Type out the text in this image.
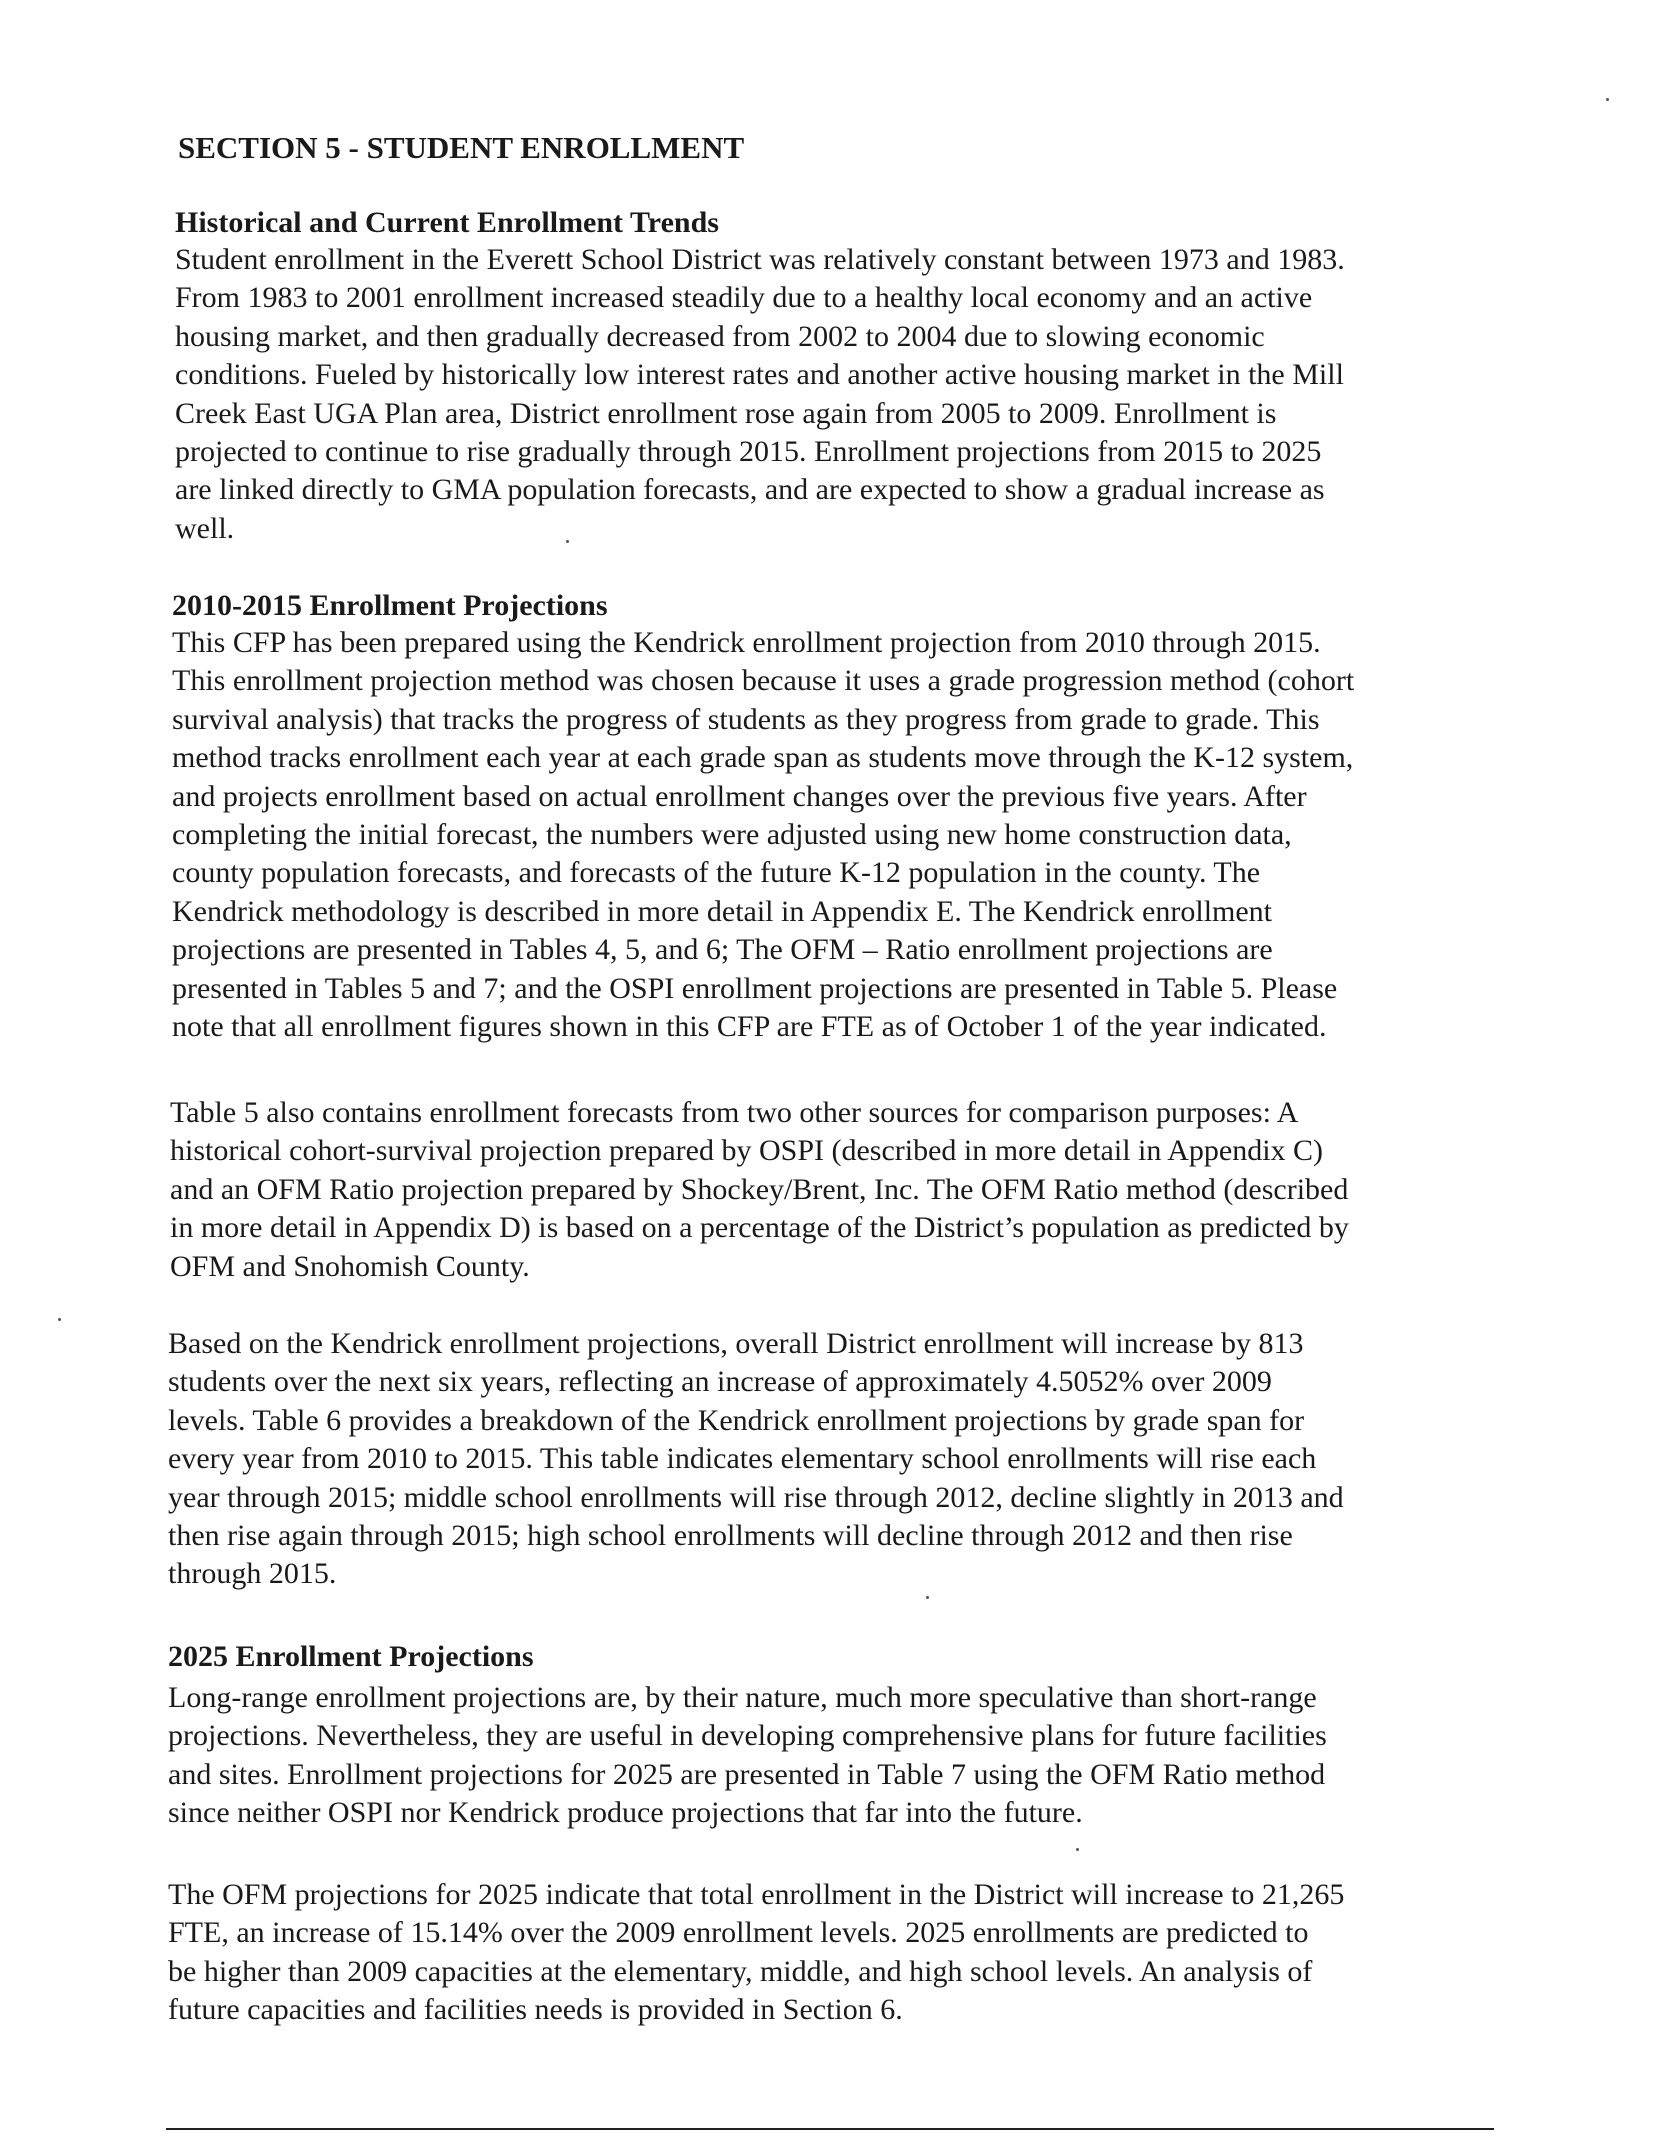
SECTION 5 - STUDENT ENROLLMENT
Historical and Current Enrollment Trends
Student enrollment in the Everett School District was relatively constant between 1973 and 1983.
From 1983 to 2001 enrollment increased steadily due to a healthy local economy and an active
housing market, and then gradually decreased from 2002 to 2004 due to slowing economic
conditions. Fueled by historically low interest rates and another active housing market in the Mill
Creek East UGA Plan area, District enrollment rose again from 2005 to 2009. Enrollment is
projected to continue to rise gradually through 2015. Enrollment projections from 2015 to 2025
are linked directly to GMA population forecasts, and are expected to show a gradual increase as
well.
2010-2015 Enrollment Projections
This CFP has been prepared using the Kendrick enrollment projection from 2010 through 2015.
This enrollment projection method was chosen because it uses a grade progression method (cohort
survival analysis) that tracks the progress of students as they progress from grade to grade. This
method tracks enrollment each year at each grade span as students move through the K-12 system,
and projects enrollment based on actual enrollment changes over the previous five years. After
completing the initial forecast, the numbers were adjusted using new home construction data,
county population forecasts, and forecasts of the future K-12 population in the county. The
Kendrick methodology is described in more detail in Appendix E. The Kendrick enrollment
projections are presented in Tables 4, 5, and 6; The OFM – Ratio enrollment projections are
presented in Tables 5 and 7; and the OSPI enrollment projections are presented in Table 5. Please
note that all enrollment figures shown in this CFP are FTE as of October 1 of the year indicated.
Table 5 also contains enrollment forecasts from two other sources for comparison purposes: A
historical cohort-survival projection prepared by OSPI (described in more detail in Appendix C)
and an OFM Ratio projection prepared by Shockey/Brent, Inc. The OFM Ratio method (described
in more detail in Appendix D) is based on a percentage of the District’s population as predicted by
OFM and Snohomish County.
Based on the Kendrick enrollment projections, overall District enrollment will increase by 813
students over the next six years, reflecting an increase of approximately 4.5052% over 2009
levels. Table 6 provides a breakdown of the Kendrick enrollment projections by grade span for
every year from 2010 to 2015. This table indicates elementary school enrollments will rise each
year through 2015; middle school enrollments will rise through 2012, decline slightly in 2013 and
then rise again through 2015; high school enrollments will decline through 2012 and then rise
through 2015.
2025 Enrollment Projections
Long-range enrollment projections are, by their nature, much more speculative than short-range
projections. Nevertheless, they are useful in developing comprehensive plans for future facilities
and sites. Enrollment projections for 2025 are presented in Table 7 using the OFM Ratio method
since neither OSPI nor Kendrick produce projections that far into the future.
The OFM projections for 2025 indicate that total enrollment in the District will increase to 21,265
FTE, an increase of 15.14% over the 2009 enrollment levels. 2025 enrollments are predicted to
be higher than 2009 capacities at the elementary, middle, and high school levels. An analysis of
future capacities and facilities needs is provided in Section 6.
